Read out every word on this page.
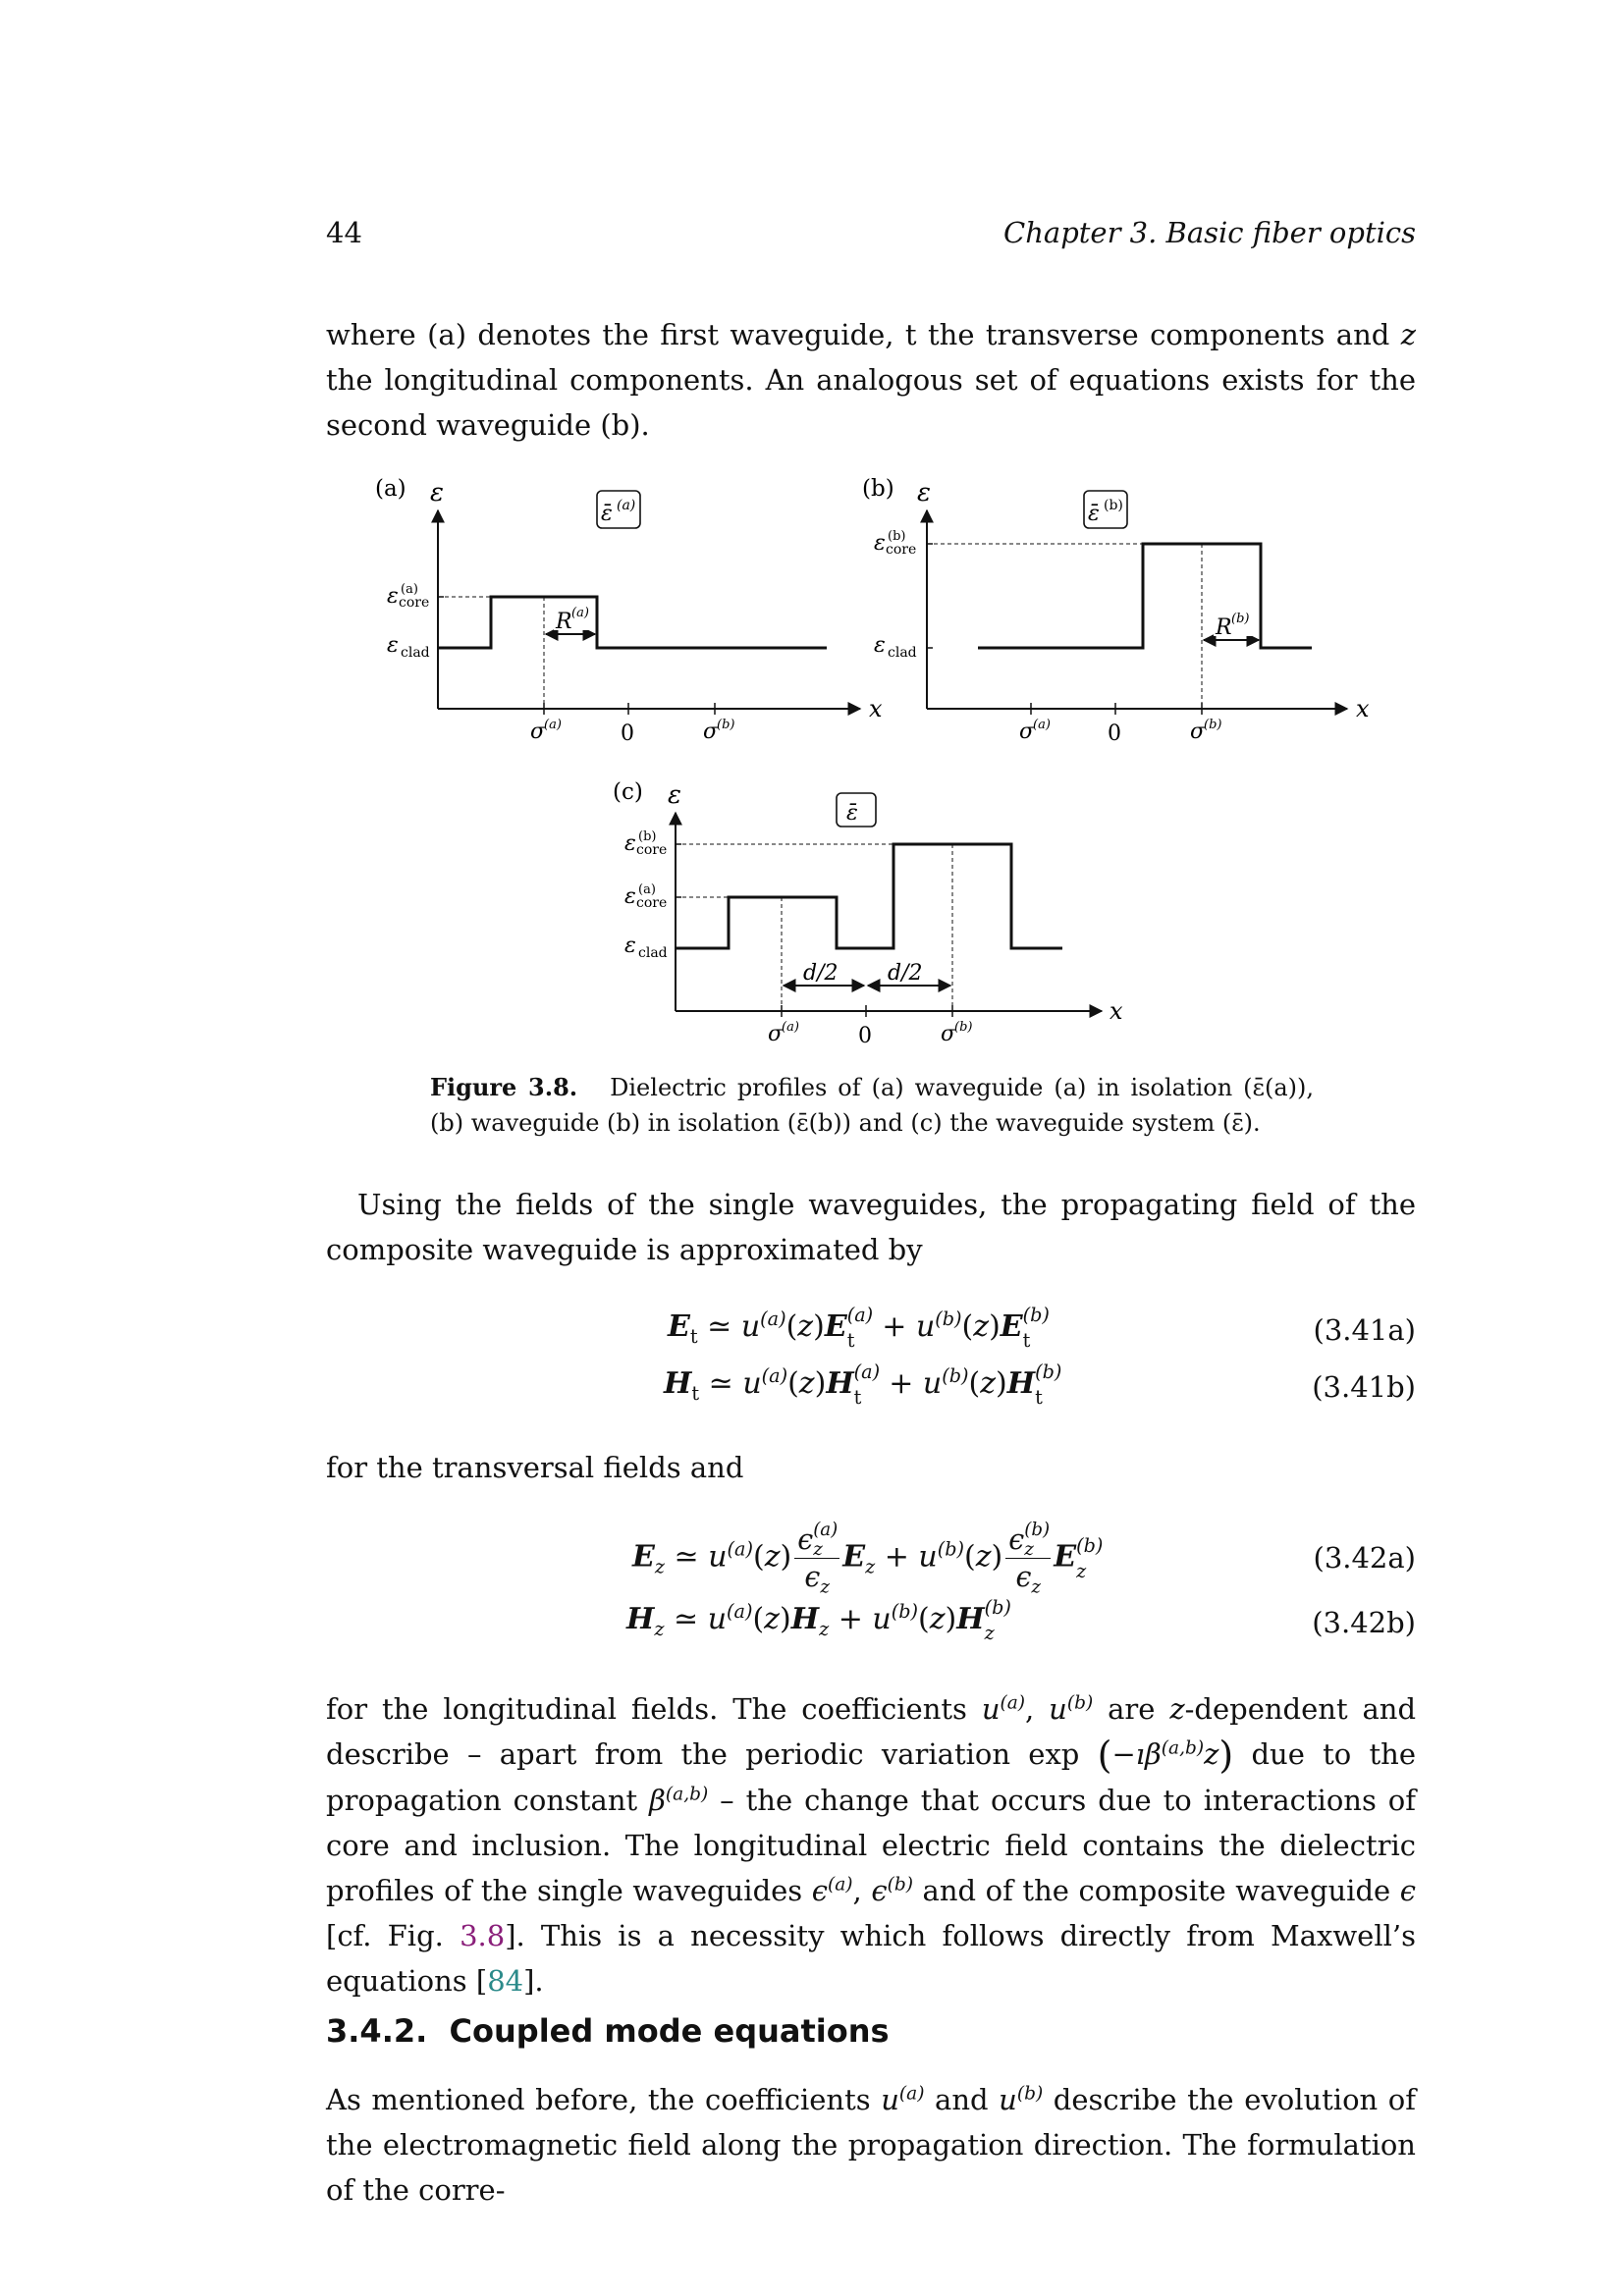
44	Chapter 3. Basic fiber optics

where (a) denotes the first waveguide, t the transverse components and z the longitudinal components. An analogous set of equations exists for the second waveguide (b).

(a) ε
x
ε̄ (a)
ε (a)
core
ε clad
R (a)
σ
(a)	0	σ
(b)
(b) ε
x
ε̄ (b)
ε (b)
core
ε clad
R (b)
σ
(a)	0	σ
(b)
(c) ε
x
ε̄
ε (b)
core
ε (a)
core
ε clad
d/2 d/2
σ
(a)	0	σ
(b)

Figure 3.8. Dielectric profiles of (a) waveguide (a) in isolation (ε̄(a)), (b) waveguide (b) in isolation (ε̄(b)) and (c) the waveguide system (ε̄).

Using the fields of the single waveguides, the propagating field of the composite waveguide is approximated by

$E_t$ ≃ $u^{(a)}(z)E$ (a)
$t + u^{(b)}(z)E$ (b)
t	(3.41a)
$H_t$ ≃ $u^{(a)}(z)H$ (a)
$t + u^{(b)}(z)H$ (b)
t	(3.41b)

for the transversal fields and

$E_z$ ≃ $u^{(a)}(z)$ ϵ (a)
z
$\epsilon_z$ $E_z + u^{(b)}(z)$ ϵ (b)
z
$\epsilon_z$ E (b)
z	(3.42a)
$H_z$ ≃ $u^{(a)}(z)H_z + u^{(b)}(z)H$ (b)
z	(3.42b)

for the longitudinal fields. The coefficients $u^{(a)}$, $u^{(b)}$ are z-dependent and describe – apart from the periodic variation exp (−ıβ$^{(a,b)}$z) due to the propagation constant $\beta^{(a,b)}$ – the change that occurs due to interactions of core and inclusion. The longitudinal electric field contains the dielectric profiles of the single waveguides $\epsilon^{(a)}$, $\epsilon^{(b)}$ and of the composite waveguide ϵ [cf. Fig. 3.8]. This is a necessity which follows directly from Maxwell’s equations [84].

3.4.2. Coupled mode equations

As mentioned before, the coefficients $u^{(a)}$ and $u^{(b)}$ describe the evolution of the electromagnetic field along the propagation direction. The formulation of the corre-
